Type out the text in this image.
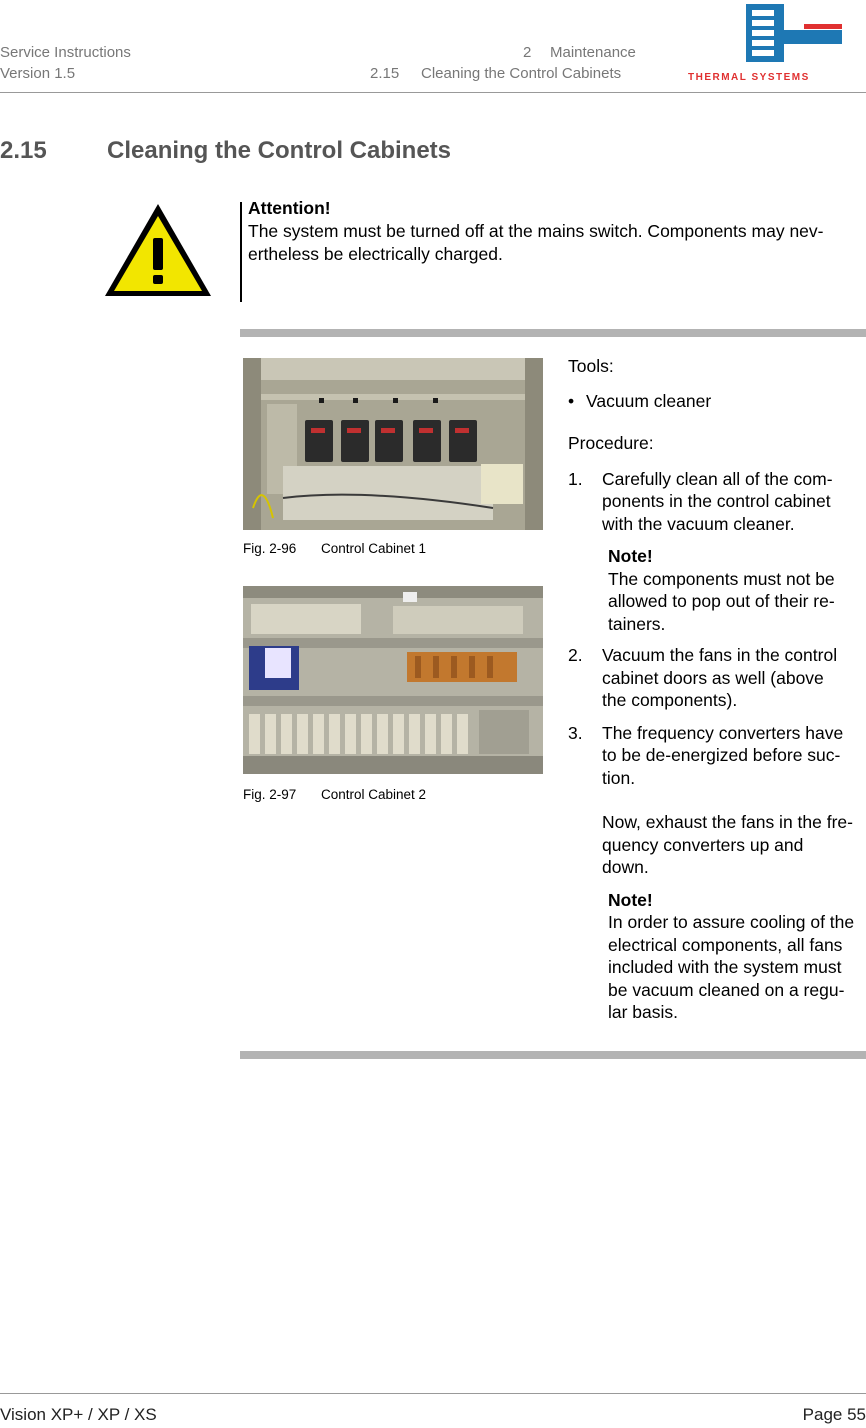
Service Instructions
Version 1.5
2 Maintenance
2.15 Cleaning the Control Cabinets	THERMAL SYSTEMS
2.15	Cleaning the Control Cabinets
Attention!
The system must be turned off at the mains switch. Components may nev-
ertheless be electrically charged.
Fig. 2-96 Control Cabinet 1
Fig. 2-97 Control Cabinet 2

Tools:

• Vacuum cleaner

Procedure:

1.	Carefully clean all of the com-
ponents in the control cabinet
with the vacuum cleaner.
Note!
The components must not be
allowed to pop out of their re-
tainers.
2.	Vacuum the fans in the control
cabinet doors as well (above
the components).
3.	The frequency converters have
to be de-energized before suc-
tion.
Now, exhaust the fans in the fre-
quency converters up and
down.
Note!
In order to assure cooling of the
electrical components, all fans
included with the system must
be vacuum cleaned on a regu-
lar basis.
Vision XP+ / XP / XS	Page 55
